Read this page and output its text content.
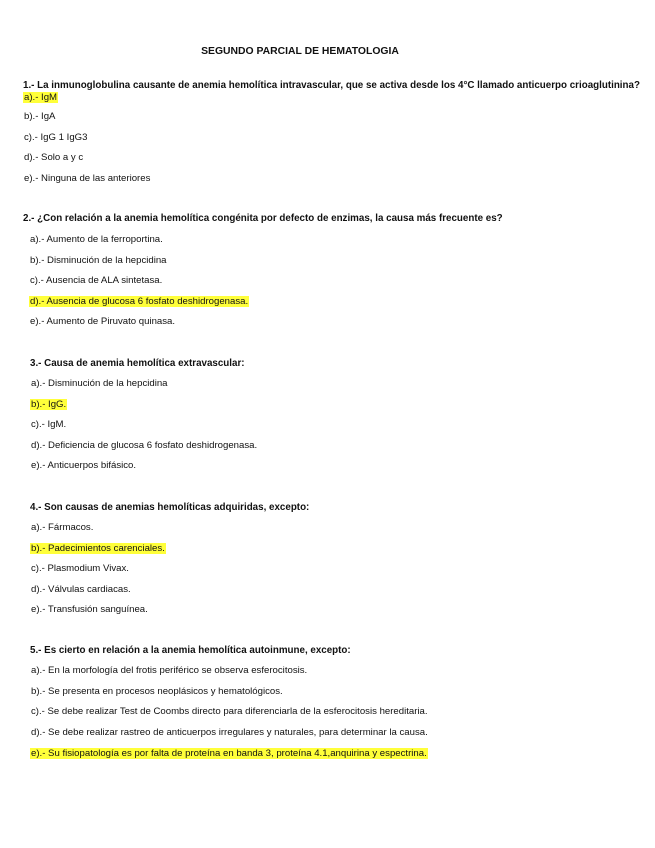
SEGUNDO PARCIAL DE HEMATOLOGIA

1.- La inmunoglobulina causante de anemia hemolítica intravascular, que se activa desde los 4°C llamado anticuerpo crioaglutinina?

a).- IgM
b).- IgA
c).- IgG 1 IgG3
d).- Solo a y c
e).- Ninguna de las anteriores

2.- ¿Con relación a la anemia hemolítica congénita por defecto de enzimas, la causa más frecuente es?

a).- Aumento de la ferroportina.
b).- Disminución de la hepcidina
c).- Ausencia de ALA sintetasa.
d).- Ausencia de glucosa 6 fosfato deshidrogenasa.
e).- Aumento de Piruvato quinasa.

3.- Causa de anemia hemolítica extravascular:

a).- Disminución de la hepcidina
b).- IgG.
c).- IgM.
d).- Deficiencia de glucosa 6 fosfato deshidrogenasa.
e).- Anticuerpos bifásico.

4.- Son causas de anemias hemolíticas adquiridas, excepto:

a).- Fármacos.
b).- Padecimientos carenciales.
c).- Plasmodium Vivax.
d).- Válvulas cardiacas.
e).- Transfusión sanguínea.

5.- Es cierto en relación a la anemia hemolítica autoinmune, excepto:

a).- En la morfología del frotis periférico se observa esferocitosis.
b).- Se presenta en procesos neoplásicos y hematológicos.
c).- Se debe realizar Test de Coombs directo para diferenciarla de la esferocitosis hereditaria.
d).- Se debe realizar rastreo de anticuerpos irregulares y naturales, para determinar la causa.
e).- Su fisiopatología es por falta de proteína en banda 3, proteína 4.1,anquirina y espectrina.
